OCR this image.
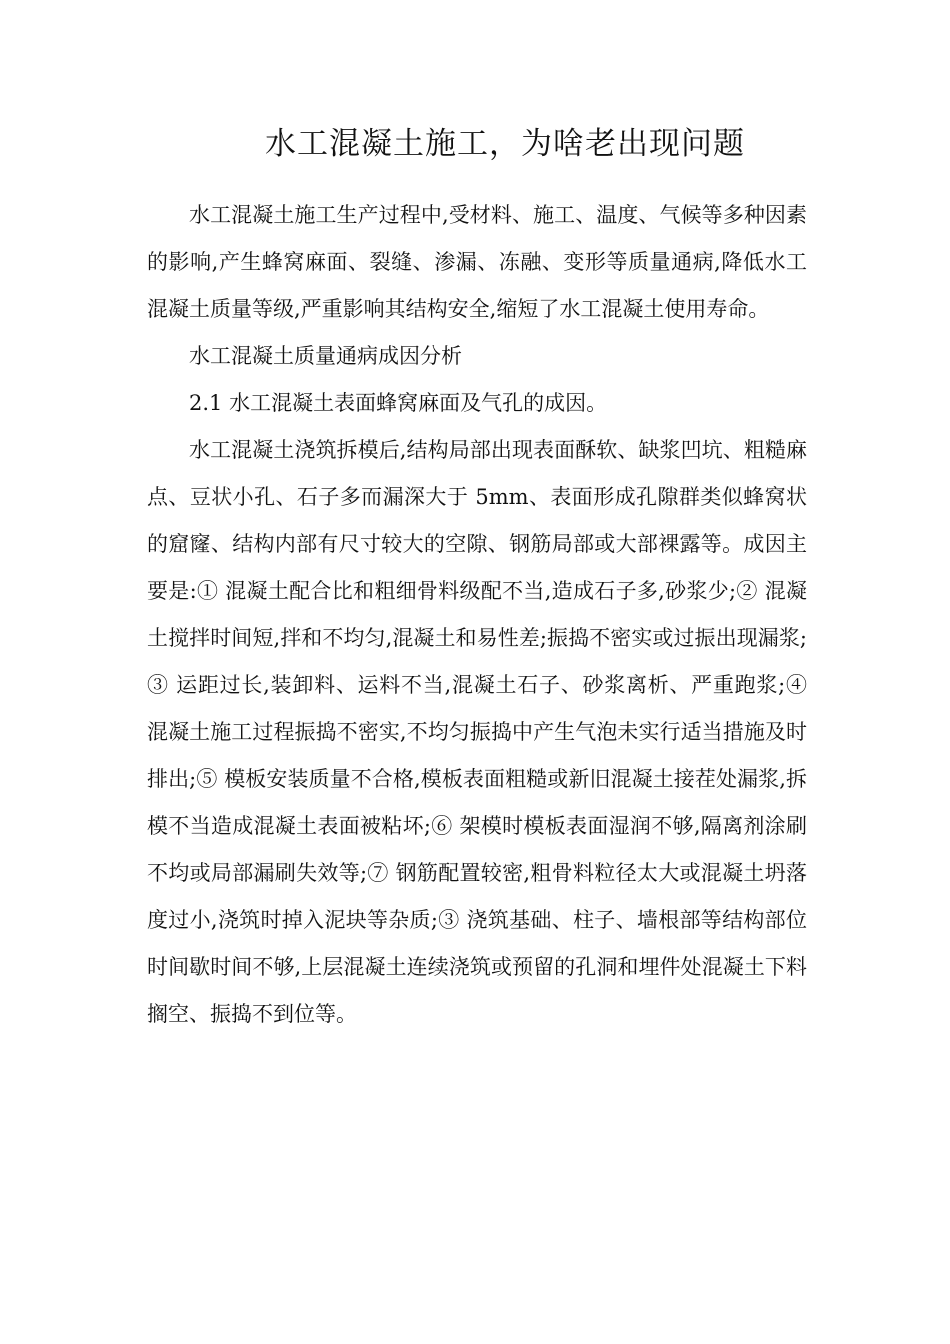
水工混凝土施工，为啥老出现问题

水工混凝土施工生产过程中,受材料、施工、温度、气候等多种因素的影响,产生蜂窝麻面、裂缝、渗漏、冻融、变形等质量通病,降低水工混凝土质量等级,严重影响其结构安全,缩短了水工混凝土使用寿命。

水工混凝土质量通病成因分析

2.1 水工混凝土表面蜂窝麻面及气孔的成因。

水工混凝土浇筑拆模后,结构局部出现表面酥软、缺浆凹坑、粗糙麻点、豆状小孔、石子多而漏深大于 5mm、表面形成孔隙群类似蜂窝状的窟窿、结构内部有尺寸较大的空隙、钢筋局部或大部裸露等。成因主要是:① 混凝土配合比和粗细骨料级配不当,造成石子多,砂浆少;② 混凝土搅拌时间短,拌和不均匀,混凝土和易性差;振捣不密实或过振出现漏浆;③ 运距过长,装卸料、运料不当,混凝土石子、砂浆离析、严重跑浆;④ 混凝土施工过程振捣不密实,不均匀振捣中产生气泡未实行适当措施及时排出;⑤ 模板安装质量不合格,模板表面粗糙或新旧混凝土接茬处漏浆,拆模不当造成混凝土表面被粘坏;⑥ 架模时模板表面湿润不够,隔离剂涂刷不均或局部漏刷失效等;⑦ 钢筋配置较密,粗骨料粒径太大或混凝土坍落度过小,浇筑时掉入泥块等杂质;③ 浇筑基础、柱子、墙根部等结构部位时间歇时间不够,上层混凝土连续浇筑或预留的孔洞和埋件处混凝土下料搁空、振捣不到位等。
